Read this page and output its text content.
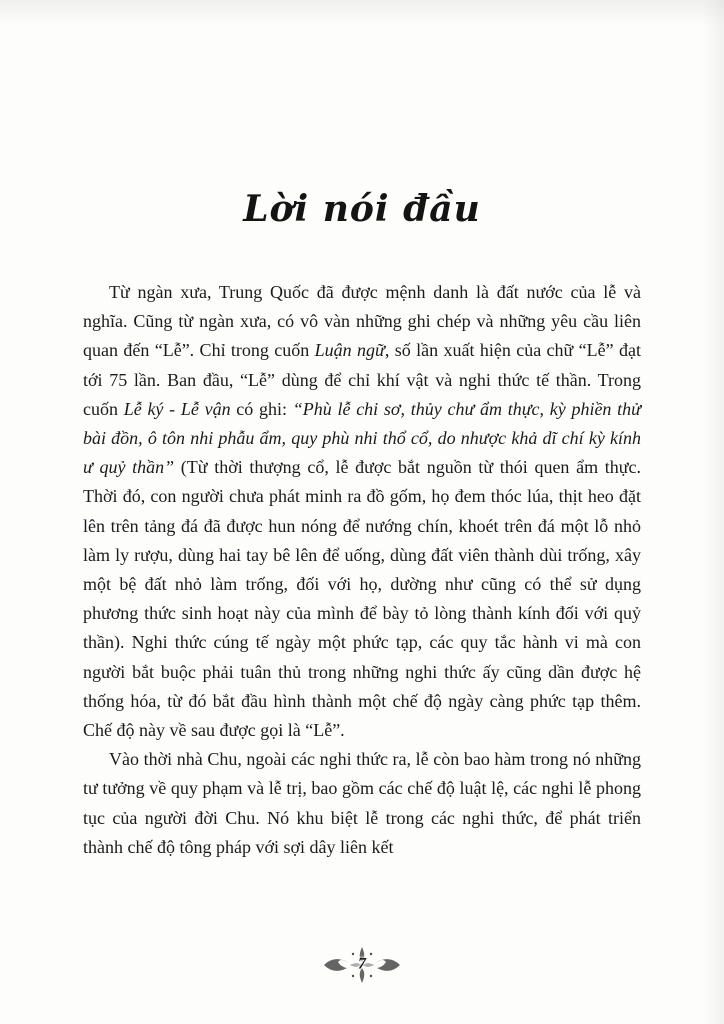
Lời nói đầu

Từ ngàn xưa, Trung Quốc đã được mệnh danh là đất nước của lễ và nghĩa. Cũng từ ngàn xưa, có vô vàn những ghi chép và những yêu cầu liên quan đến “Lễ”. Chỉ trong cuốn Luận ngữ, số lần xuất hiện của chữ “Lễ” đạt tới 75 lần. Ban đầu, “Lễ” dùng để chỉ khí vật và nghi thức tế thần. Trong cuốn Lễ ký - Lễ vận có ghi: “Phù lễ chi sơ, thủy chư ẩm thực, kỳ phiền thử bài đồn, ô tôn nhi phẫu ẩm, quy phù nhi thổ cổ, do nhược khả dĩ chí kỳ kính ư quỷ thần” (Từ thời thượng cổ, lễ được bắt nguồn từ thói quen ẩm thực. Thời đó, con người chưa phát minh ra đồ gốm, họ đem thóc lúa, thịt heo đặt lên trên tảng đá đã được hun nóng để nướng chín, khoét trên đá một lỗ nhỏ làm ly rượu, dùng hai tay bê lên để uống, dùng đất viên thành dùi trống, xây một bệ đất nhỏ làm trống, đối với họ, dường như cũng có thể sử dụng phương thức sinh hoạt này của mình để bày tỏ lòng thành kính đối với quỷ thần). Nghi thức cúng tế ngày một phức tạp, các quy tắc hành vi mà con người bắt buộc phải tuân thủ trong những nghi thức ấy cũng dần được hệ thống hóa, từ đó bắt đầu hình thành một chế độ ngày càng phức tạp thêm. Chế độ này về sau được gọi là “Lễ”.

Vào thời nhà Chu, ngoài các nghi thức ra, lễ còn bao hàm trong nó những tư tưởng về quy phạm và lễ trị, bao gồm các chế độ luật lệ, các nghi lễ phong tục của người đời Chu. Nó khu biệt lễ trong các nghi thức, để phát triển thành chế độ tông pháp với sợi dây liên kết

7
